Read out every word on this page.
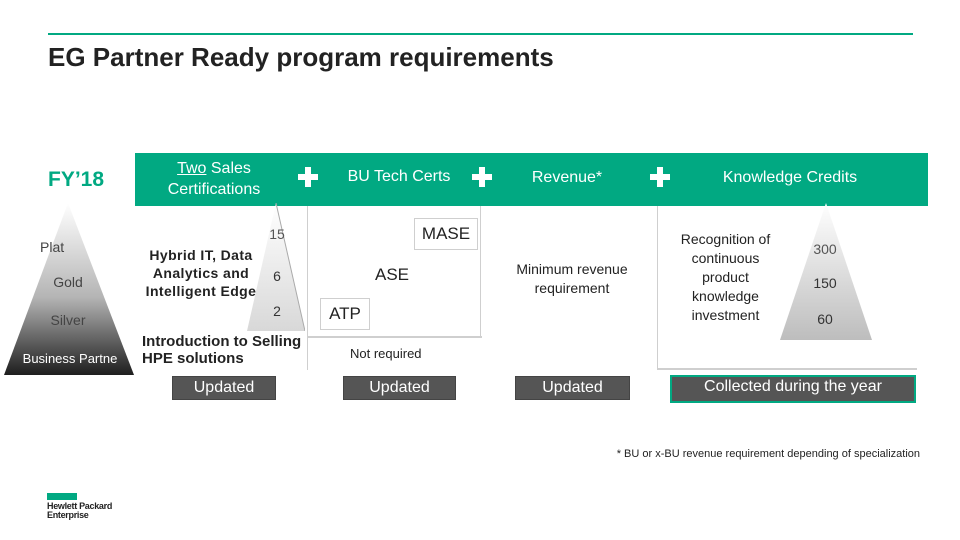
EG Partner Ready program requirements
FY’18
Plat
Gold
Silver
Business Partne
Two Sales
Certifications
BU Tech Certs	Revenue*	Knowledge Credits
Hybrid IT, Data Analytics and Intelligent Edge
15
6
2
Introduction to Selling HPE solutions
MASE
ASE
ATP
Not required
Minimum revenue requirement
Recognition of continuous product knowledge investment
300
150
60
Not required
Updated	Updated	Updated	Collected during the year
* BU or x-BU revenue requirement depending of specialization
Hewlett Packard
Enterprise
